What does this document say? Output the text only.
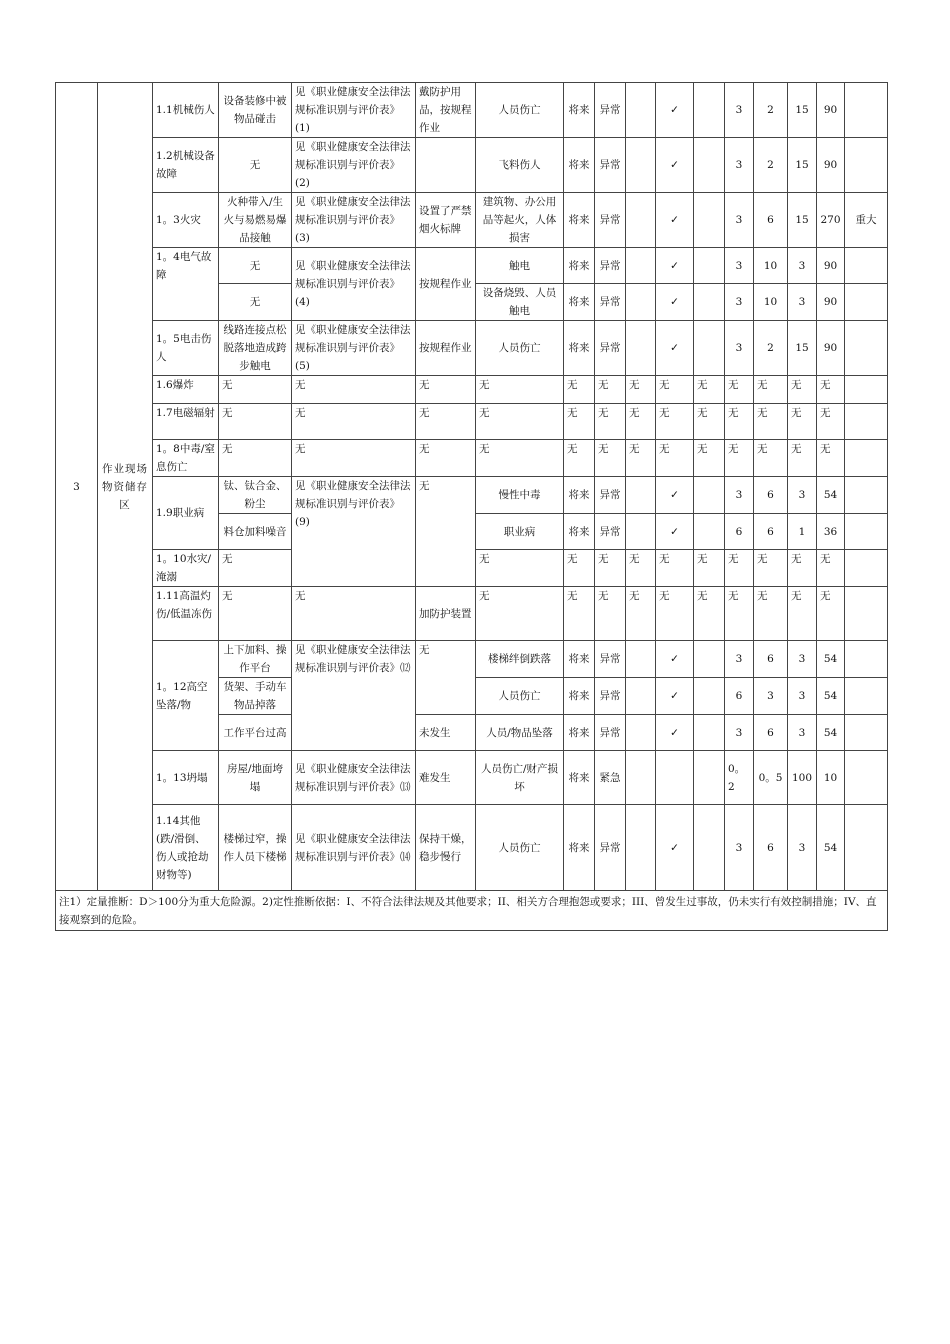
3	作业现场物资储存区	1.1机械伤人	设备装修中被物品碰击	见《职业健康安全法律法规标准识别与评价表》(1)	戴防护用品，按规程作业	人员伤亡	将来	异常		✓		3	2	15	90	
		1.2机械设备故障	无	见《职业健康安全法律法规标准识别与评价表》(2)		飞料伤人	将来	异常		✓		3	2	15	90	
		1。3火灾	火种带入/生火与易燃易爆品接触	见《职业健康安全法律法规标准识别与评价表》(3)	设置了严禁烟火标牌	建筑物、办公用品等起火，人体损害	将来	异常		✓		3	6	15	270	重大
		1。4电气故障	无	见《职业健康安全法律法规标准识别与评价表》(4)	按规程作业	触电	将来	异常		✓		3	10	3	90	
			无			设备烧毁、人员触电	将来	异常		✓		3	10	3	90	
		1。5电击伤人	线路连接点松脱落地造成跨步触电	见《职业健康安全法律法规标准识别与评价表》(5)	按规程作业	人员伤亡	将来	异常		✓		3	2	15	90	
		1.6爆炸	无	无	无	无	无	无	无	无	无	无	无	无	无	
		1.7电磁辐射	无	无	无	无	无	无	无	无	无	无	无	无	无	
		1。8中毒/窒息伤亡	无	无	无	无	无	无	无	无	无	无	无	无	无	
		1.9职业病	钛、钛合金、粉尘	见《职业健康安全法律法规标准识别与评价表》(9)	无	慢性中毒	将来	异常		✓		3	6	3	54	
			料仓加料噪音			职业病	将来	异常		✓		6	6	1	36	
		1。10水灾/淹溺	无			无	无	无	无	无	无	无	无	无	无	
		1.11高温灼伤/低温冻伤	无	无	加防护装置	无	无	无	无	无	无	无	无	无	无	
		1。12高空坠落/物	上下加料、操作平台	见《职业健康安全法律法规标准识别与评价表》⑿	无	楼梯绊倒跌落	将来	异常		✓		3	6	3	54	
			货架、手动车物品掉落			人员伤亡	将来	异常		✓		6	3	3	54	
			工作平台过高		未发生	人员/物品坠落	将来	异常		✓		3	6	3	54	
		1。13坍塌	房屋/地面垮塌	见《职业健康安全法律法规标准识别与评价表》⒀	难发生	人员伤亡/财产损坏	将来	紧急				0。2	0。5	100	10	
		1.14其他(跌/滑倒、伤人或抢劫财物等)	楼梯过窄，操作人员下楼梯	见《职业健康安全法律法规标准识别与评价表》⒁	保持干燥，稳步慢行	人员伤亡	将来	异常		✓		3	6	3	54	
注1）定量推断：D＞100分为重大危险源。2)定性推断依据：I、不符合法律法规及其他要求；II、相关方合理抱怨或要求；III、曾发生过事故，仍未实行有效控制措施；IV、直接观察到的危险。																
